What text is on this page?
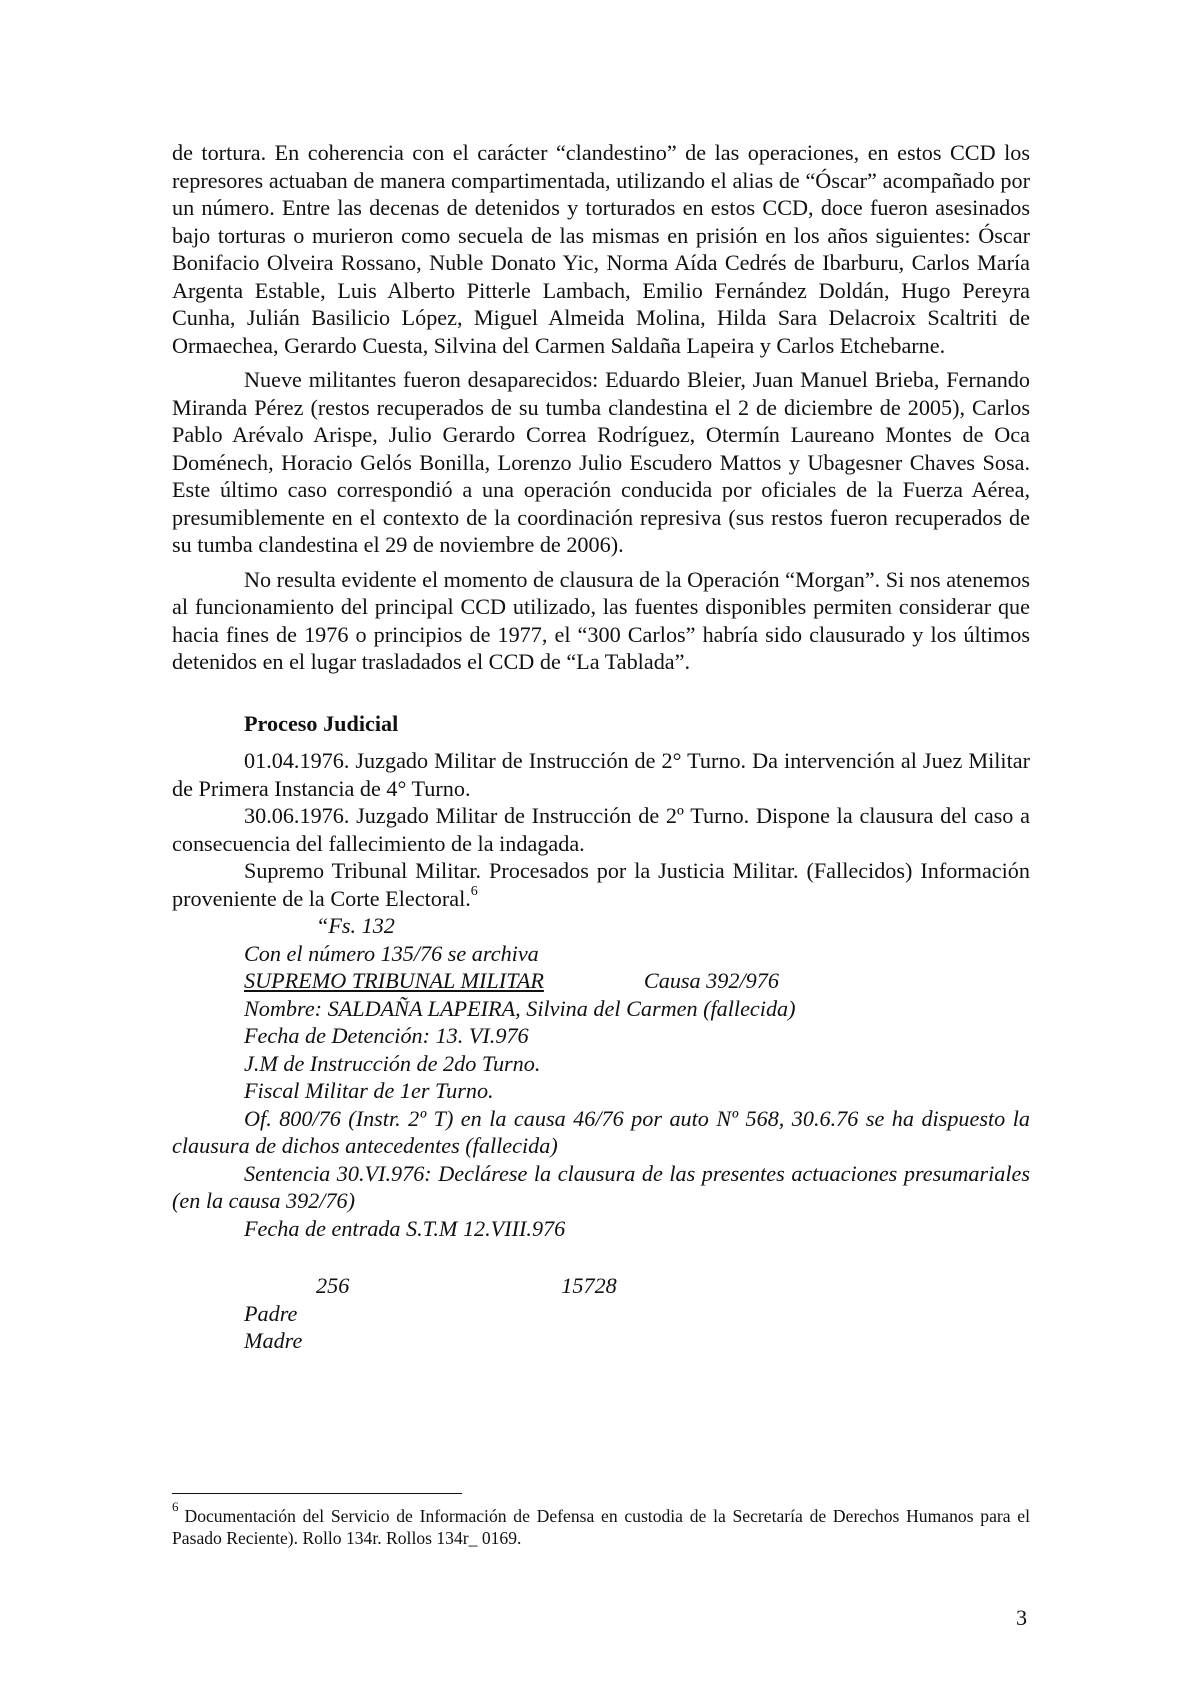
de tortura. En coherencia con el carácter “clandestino” de las operaciones, en estos CCD los represores actuaban de manera compartimentada, utilizando el alias de “Óscar” acompañado por un número. Entre las decenas de detenidos y torturados en estos CCD, doce fueron asesinados bajo torturas o murieron como secuela de las mismas en prisión en los años siguientes: Óscar Bonifacio Olveira Rossano, Nuble Donato Yic, Norma Aída Cedrés de Ibarburu, Carlos María Argenta Estable, Luis Alberto Pitterle Lambach, Emilio Fernández Doldán, Hugo Pereyra Cunha, Julián Basilicio López, Miguel Almeida Molina, Hilda Sara Delacroix Scaltriti de Ormaechea, Gerardo Cuesta, Silvina del Carmen Saldaña Lapeira y Carlos Etchebarne.

Nueve militantes fueron desaparecidos: Eduardo Bleier, Juan Manuel Brieba, Fernando Miranda Pérez (restos recuperados de su tumba clandestina el 2 de diciembre de 2005), Carlos Pablo Arévalo Arispe, Julio Gerardo Correa Rodríguez, Otermín Laureano Montes de Oca Doménech, Horacio Gelós Bonilla, Lorenzo Julio Escudero Mattos y Ubagesner Chaves Sosa. Este último caso correspondió a una operación conducida por oficiales de la Fuerza Aérea, presumiblemente en el contexto de la coordinación represiva (sus restos fueron recuperados de su tumba clandestina el 29 de noviembre de 2006).

No resulta evidente el momento de clausura de la Operación “Morgan”. Si nos atenemos al funcionamiento del principal CCD utilizado, las fuentes disponibles permiten considerar que hacia fines de 1976 o principios de 1977, el “300 Carlos” habría sido clausurado y los últimos detenidos en el lugar trasladados el CCD de “La Tablada”.

Proceso Judicial

01.04.1976. Juzgado Militar de Instrucción de 2° Turno. Da intervención al Juez Militar de Primera Instancia de 4° Turno.

30.06.1976. Juzgado Militar de Instrucción de 2º Turno. Dispone la clausura del caso a consecuencia del fallecimiento de la indagada.

Supremo Tribunal Militar. Procesados por la Justicia Militar. (Fallecidos) Información proveniente de la Corte Electoral.$^6$

“Fs. 132
Con el número 135/76 se archiva
SUPREMO TRIBUNAL MILITAR	Causa 392/976
Nombre: SALDAÑA LAPEIRA, Silvina del Carmen (fallecida)
Fecha de Detención: 13. VI.976
J.M de Instrucción de 2do Turno.
Fiscal Militar de 1er Turno.

Of. 800/76 (Instr. 2º T) en la causa 46/76 por auto Nº 568, 30.6.76 se ha dispuesto la clausura de dichos antecedentes (fallecida)

Sentencia 30.VI.976: Declárese la clausura de las presentes actuaciones presumariales (en la causa 392/76)

Fecha de entrada S.T.M 12.VIII.976
256	15728
Padre
Madre
$^6$ Documentación del Servicio de Información de Defensa en custodia de la Secretaría de Derechos Humanos para el Pasado Reciente). Rollo 134r. Rollos 134r_ 0169.
3
